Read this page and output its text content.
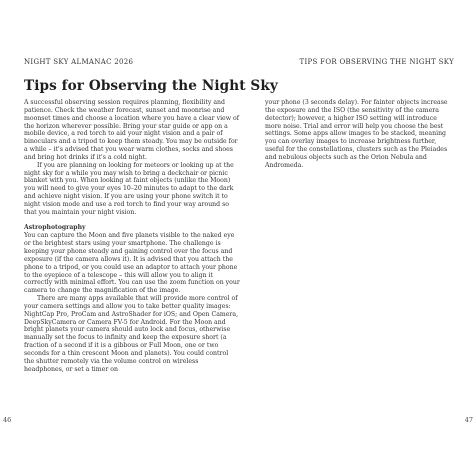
NIGHT SKY ALMANAC 2026	TIPS FOR OBSERVING THE NIGHT SKY
Tips for Observing the Night Sky

A successful observing session requires planning, flexibility and patience. Check the weather forecast, sunset and moonrise and moonset times and choose a location where you have a clear view of the horizon wherever possible. Bring your star guide or app on a mobile device, a red torch to aid your night vision and a pair of binoculars and a tripod to keep them steady. You may be outside for a while – it's advised that you wear warm clothes, socks and shoes and bring hot drinks if it's a cold night.

If you are planning on looking for meteors or looking up at the night sky for a while you may wish to bring a deckchair or picnic blanket with you. When looking at faint objects (unlike the Moon) you will need to give your eyes 10–20 minutes to adapt to the dark and achieve night vision. If you are using your phone switch it to night vision mode and use a red torch to find your way around so that you maintain your night vision.

Astrophotography

You can capture the Moon and five planets visible to the naked eye or the brightest stars using your smartphone. The challenge is keeping your phone steady and gaining control over the focus and exposure (if the camera allows it). It is advised that you attach the phone to a tripod, or you could use an adaptor to attach your phone to the eyepiece of a telescope – this will allow you to align it correctly with minimal effort. You can use the zoom function on your camera to change the magnification of the image.

There are many apps available that will provide more control of your camera settings and allow you to take better quality images: NightCap Pro, ProCam and AstroShader for iOS; and Open Camera, DeepSkyCamera or Camera FV-5 for Android. For the Moon and bright planets your camera should auto lock and focus, otherwise manually set the focus to infinity and keep the exposure short (a fraction of a second if it is a gibbous or Full Moon, one or two seconds for a thin crescent Moon and planets). You could control the shutter remotely via the volume control on wireless headphones, or set a timer on

your phone (3 seconds delay). For fainter objects increase the exposure and the ISO (the sensitivity of the camera detector); however, a higher ISO setting will introduce more noise. Trial and error will help you choose the best settings. Some apps allow images to be stacked, meaning you can overlay images to increase brightness further, useful for the constellations, clusters such as the Pleiades and nebulous objects such as the Orion Nebula and Andromeda.

46	47
